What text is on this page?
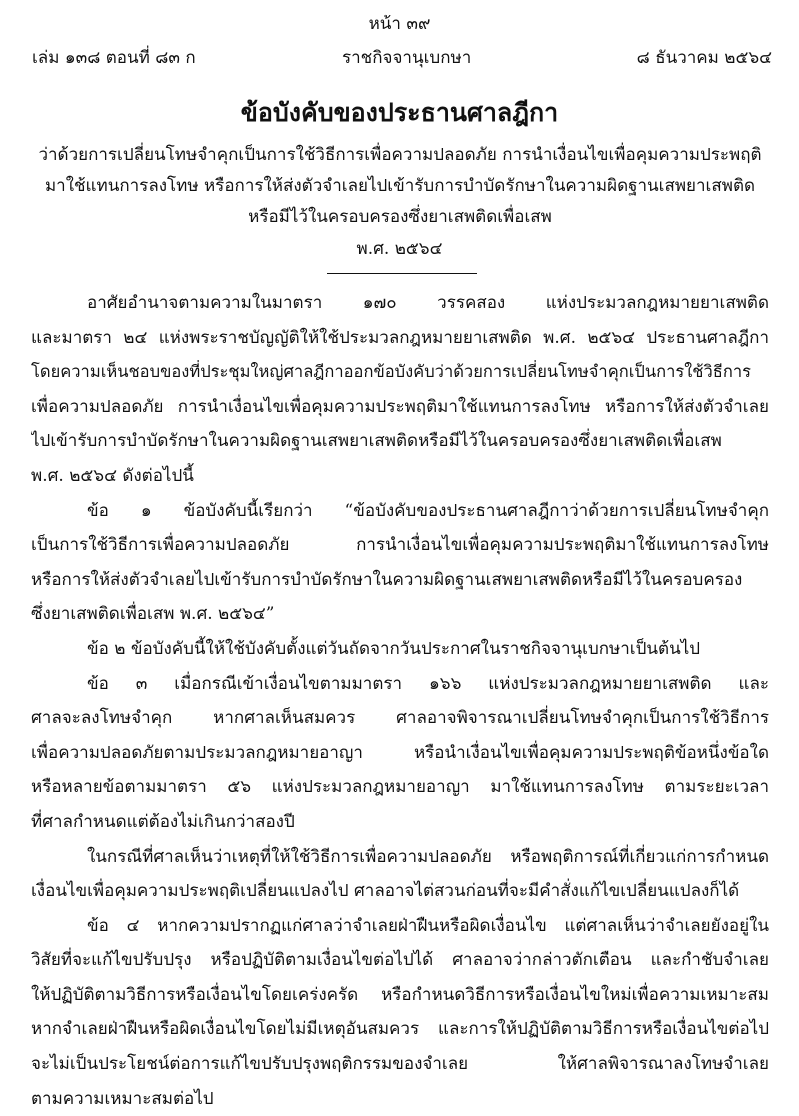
หน้า ๓๙
เล่ม ๑๓๘ ตอนที่ ๘๓ ก	ราชกิจจานุเบกษา	๘ ธันวาคม ๒๕๖๔
ข้อบังคับของประธานศาลฎีกา
ว่าด้วยการเปลี่ยนโทษจำคุกเป็นการใช้วิธีการเพื่อความปลอดภัย การนำเงื่อนไขเพื่อคุมความประพฤติ
มาใช้แทนการลงโทษ หรือการให้ส่งตัวจำเลยไปเข้ารับการบำบัดรักษาในความผิดฐานเสพยาเสพติด
หรือมีไว้ในครอบครองซึ่งยาเสพติดเพื่อเสพ
พ.ศ. ๒๕๖๔
อาศัยอำนาจตามความในมาตรา ๑๗๐ วรรคสอง แห่งประมวลกฎหมายยาเสพติด
และมาตรา ๒๔ แห่งพระราชบัญญัติให้ใช้ประมวลกฎหมายยาเสพติด พ.ศ. ๒๕๖๔ ประธานศาลฎีกา
โดยความเห็นชอบของที่ประชุมใหญ่ศาลฎีกาออกข้อบังคับว่าด้วยการเปลี่ยนโทษจำคุกเป็นการใช้วิธีการ
เพื่อความปลอดภัย การนำเงื่อนไขเพื่อคุมความประพฤติมาใช้แทนการลงโทษ หรือการให้ส่งตัวจำเลย
ไปเข้ารับการบำบัดรักษาในความผิดฐานเสพยาเสพติดหรือมีไว้ในครอบครองซึ่งยาเสพติดเพื่อเสพ
พ.ศ. ๒๕๖๔ ดังต่อไปนี้
ข้อ ๑ ข้อบังคับนี้เรียกว่า “ข้อบังคับของประธานศาลฎีกาว่าด้วยการเปลี่ยนโทษจำคุก
เป็นการใช้วิธีการเพื่อความปลอดภัย การนำเงื่อนไขเพื่อคุมความประพฤติมาใช้แทนการลงโทษ
หรือการให้ส่งตัวจำเลยไปเข้ารับการบำบัดรักษาในความผิดฐานเสพยาเสพติดหรือมีไว้ในครอบครอง
ซึ่งยาเสพติดเพื่อเสพ พ.ศ. ๒๕๖๔”
ข้อ ๒ ข้อบังคับนี้ให้ใช้บังคับตั้งแต่วันถัดจากวันประกาศในราชกิจจานุเบกษาเป็นต้นไป
ข้อ ๓ เมื่อกรณีเข้าเงื่อนไขตามมาตรา ๑๖๖ แห่งประมวลกฎหมายยาเสพติด และ
ศาลจะลงโทษจำคุก หากศาลเห็นสมควร ศาลอาจพิจารณาเปลี่ยนโทษจำคุกเป็นการใช้วิธีการ
เพื่อความปลอดภัยตามประมวลกฎหมายอาญา หรือนำเงื่อนไขเพื่อคุมความประพฤติข้อหนึ่งข้อใด
หรือหลายข้อตามมาตรา ๕๖ แห่งประมวลกฎหมายอาญา มาใช้แทนการลงโทษ ตามระยะเวลา
ที่ศาลกำหนดแต่ต้องไม่เกินกว่าสองปี
ในกรณีที่ศาลเห็นว่าเหตุที่ให้ใช้วิธีการเพื่อความปลอดภัย หรือพฤติการณ์ที่เกี่ยวแก่การกำหนด
เงื่อนไขเพื่อคุมความประพฤติเปลี่ยนแปลงไป ศาลอาจไต่สวนก่อนที่จะมีคำสั่งแก้ไขเปลี่ยนแปลงก็ได้
ข้อ ๔ หากความปรากฏแก่ศาลว่าจำเลยฝ่าฝืนหรือผิดเงื่อนไข แต่ศาลเห็นว่าจำเลยยังอยู่ใน
วิสัยที่จะแก้ไขปรับปรุง หรือปฏิบัติตามเงื่อนไขต่อไปได้ ศาลอาจว่ากล่าวตักเตือน และกำชับจำเลย
ให้ปฏิบัติตามวิธีการหรือเงื่อนไขโดยเคร่งครัด หรือกำหนดวิธีการหรือเงื่อนไขใหม่เพื่อความเหมาะสม
หากจำเลยฝ่าฝืนหรือผิดเงื่อนไขโดยไม่มีเหตุอันสมควร และการให้ปฏิบัติตามวิธีการหรือเงื่อนไขต่อไป
จะไม่เป็นประโยชน์ต่อการแก้ไขปรับปรุงพฤติกรรมของจำเลย ให้ศาลพิจารณาลงโทษจำเลย
ตามความเหมาะสมต่อไป
